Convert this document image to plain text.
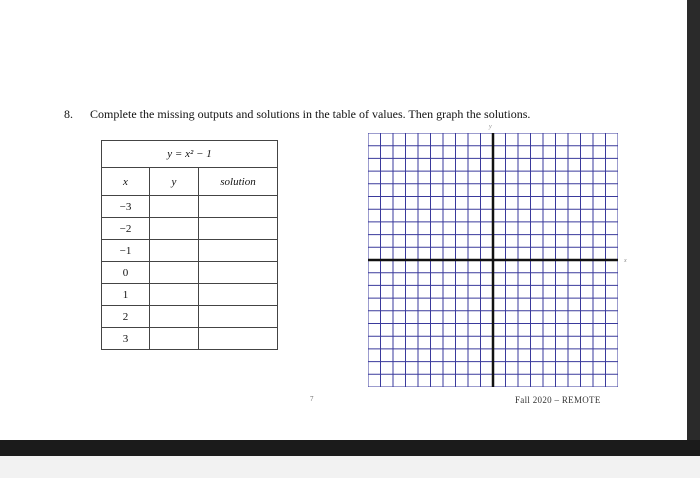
8. Complete the missing outputs and solutions in the table of values. Then graph the solutions.
y = x² − 1		
x	y	solution
−3		
−2		
−1		
0		
1		
2		
3		
y
x
7	Fall 2020 – REMOTE
